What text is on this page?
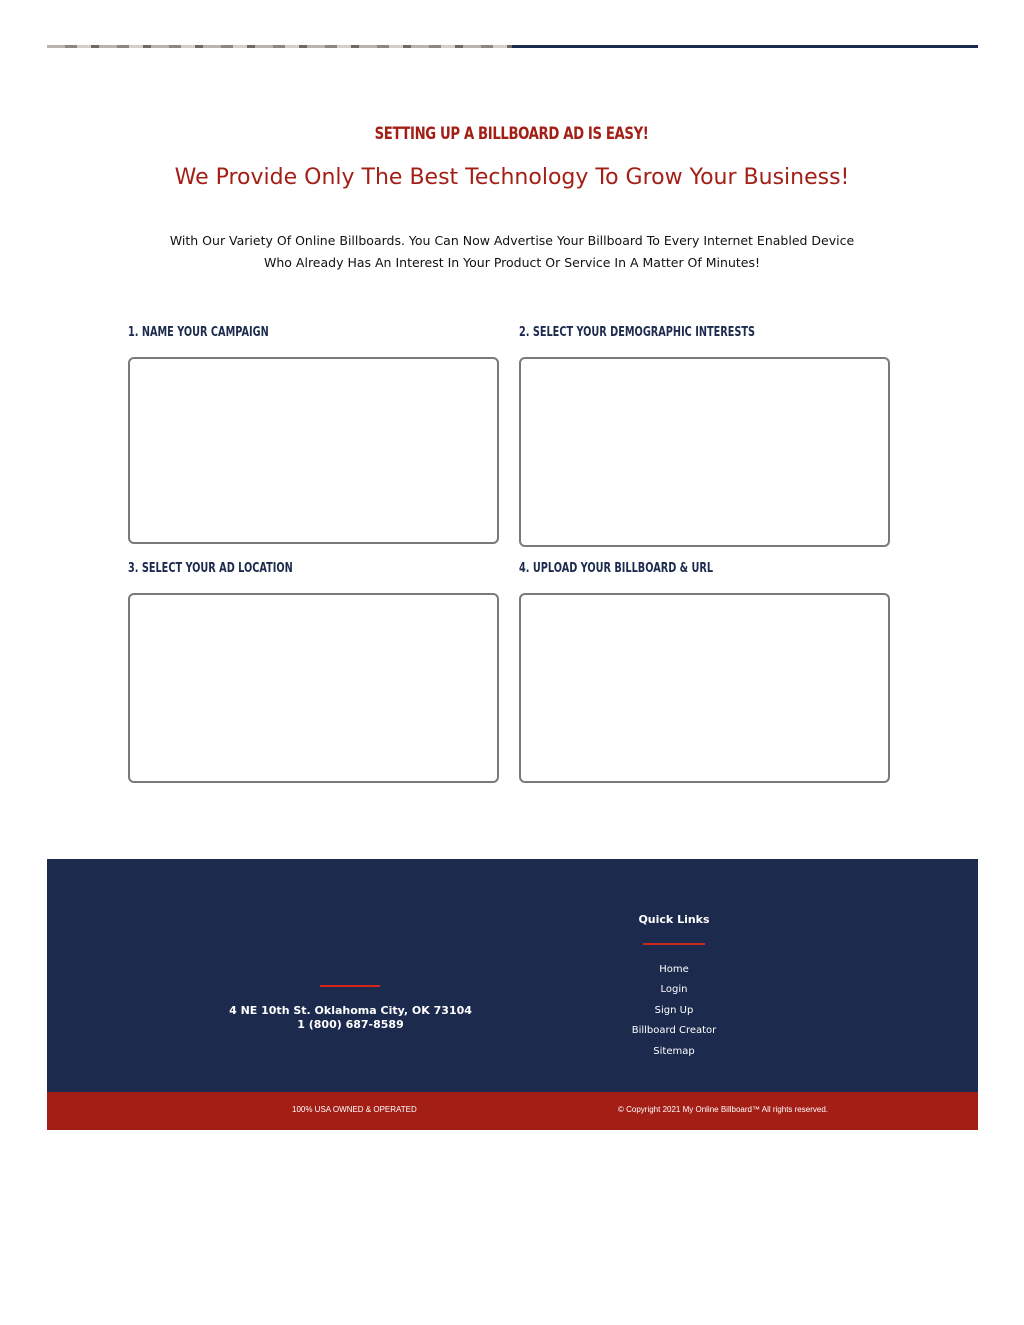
SETTING UP A BILLBOARD AD IS EASY!
We Provide Only The Best Technology To Grow Your Business!

With Our Variety Of Online Billboards. You Can Now Advertise Your Billboard To Every Internet Enabled Device Who Already Has An Interest In Your Product Or Service In A Matter Of Minutes!

1. NAME YOUR CAMPAIGN	2. SELECT YOUR DEMOGRAPHIC INTERESTS
3. SELECT YOUR AD LOCATION	4. UPLOAD YOUR BILLBOARD & URL
4 NE 10th St. Oklahoma City, OK 73104
1 (800) 687-8589
Quick Links
Home
Login
Sign Up
Billboard Creator
Sitemap
100% USA OWNED & OPERATED	© Copyright 2021 My Online Billboard™ All rights reserved.
